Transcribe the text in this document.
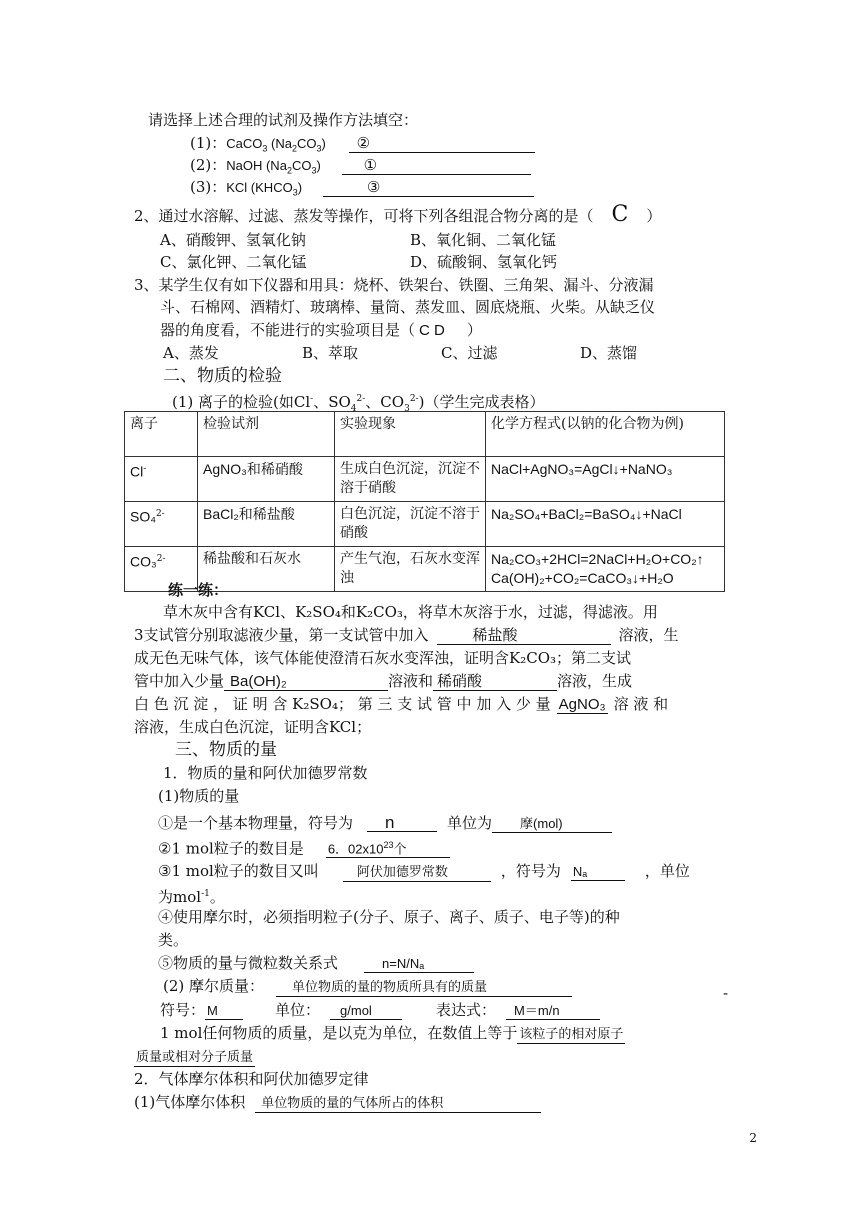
请选择上述合理的试剂及操作方法填空：
(1)：CaCO$_3$ $(Na_2CO_3)$ ②
(2)：NaOH $(Na_2CO_3)$	①
(3)：KCl $(KHCO_3)$	③
2、通过水溶解、过滤、蒸发等操作，可将下列各组混合物分离的是（ C ）
A、硝酸钾、氢氧化钠	B、氧化铜、二氧化锰
C、氯化钾、二氧化锰	D、硫酸铜、氢氧化钙
3、某学生仅有如下仪器和用具：烧杯、铁架台、铁圈、三角架、漏斗、分液漏
斗、石棉网、酒精灯、玻璃棒、量筒、蒸发皿、圆底烧瓶、火柴。从缺乏仪
器的角度看，不能进行的实验项目是（ C D ）
A、蒸发	B、萃取	C、过滤	D、蒸馏
二、物质的检验
(1) 离子的检验(如Cl-、$SO_4^{2-}$、$CO_3^{2-}$)（学生完成表格）
离子	检验试剂	实验现象	化学方程式(以钠的化合物为例)
Cl-	AgNO₃和稀硝酸	生成白色沉淀，沉淀不溶于硝酸	NaCl+AgNO₃=AgCl↓+NaNO₃
SO₄$^{2-}$	BaCl₂和稀盐酸	白色沉淀，沉淀不溶于硝酸	Na₂SO₄+BaCl₂=BaSO₄↓+NaCl
CO₃$^{2-}$	稀盐酸和石灰水	产生气泡，石灰水变浑浊	Na₂CO₃+2HCl=2NaCl+H₂O+CO₂↑
Ca(OH)₂+CO₂=CaCO₃↓+H₂O
练一练：
草木灰中含有KCl、K₂SO₄和K₂CO₃，将草木灰溶于水，过滤，得滤液。用
3支试管分别取滤液少量，第一支试管中加入	稀盐酸	溶液，生
成无色无味气体，该气体能使澄清石灰水变浑浊，证明含K₂CO₃；第二支试
管中加入少量 Ba(OH)₂	溶液和 稀硝酸	溶液，生成
白 色 沉 淀 ， 证 明 含 K₂SO₄； 第 三 支 试 管 中 加 入 少 量 AgNO₃ 溶 液 和
溶液，生成白色沉淀，证明含KCl；
三、物质的量
1．物质的量和阿伏加德罗常数
(1)物质的量
①是一个基本物理量，符号为 n	单位为 摩(mol)
②1 mol粒子的数目是 6．$02x10^{23}$个
③1 mol粒子的数目又叫	阿伏加德罗常数	，符号为 Nₐ	，单位
为mol$^{-1}$。
④使用摩尔时，必须指明粒子(分子、原子、离子、质子、电子等)的种
类。
⑤物质的量与微粒数关系式	n=N/Nₐ
(2) 摩尔质量： 单位物质的量的物质所具有的质量	-
符号： M	单位： g/mol	表达式： M＝m/n
1 mol任何物质的质量，是以克为单位，在数值上等于 该粒子的相对原子
质量或相对分子质量
2．气体摩尔体积和阿伏加德罗定律
(1)气体摩尔体积 单位物质的量的气体所占的体积
2
